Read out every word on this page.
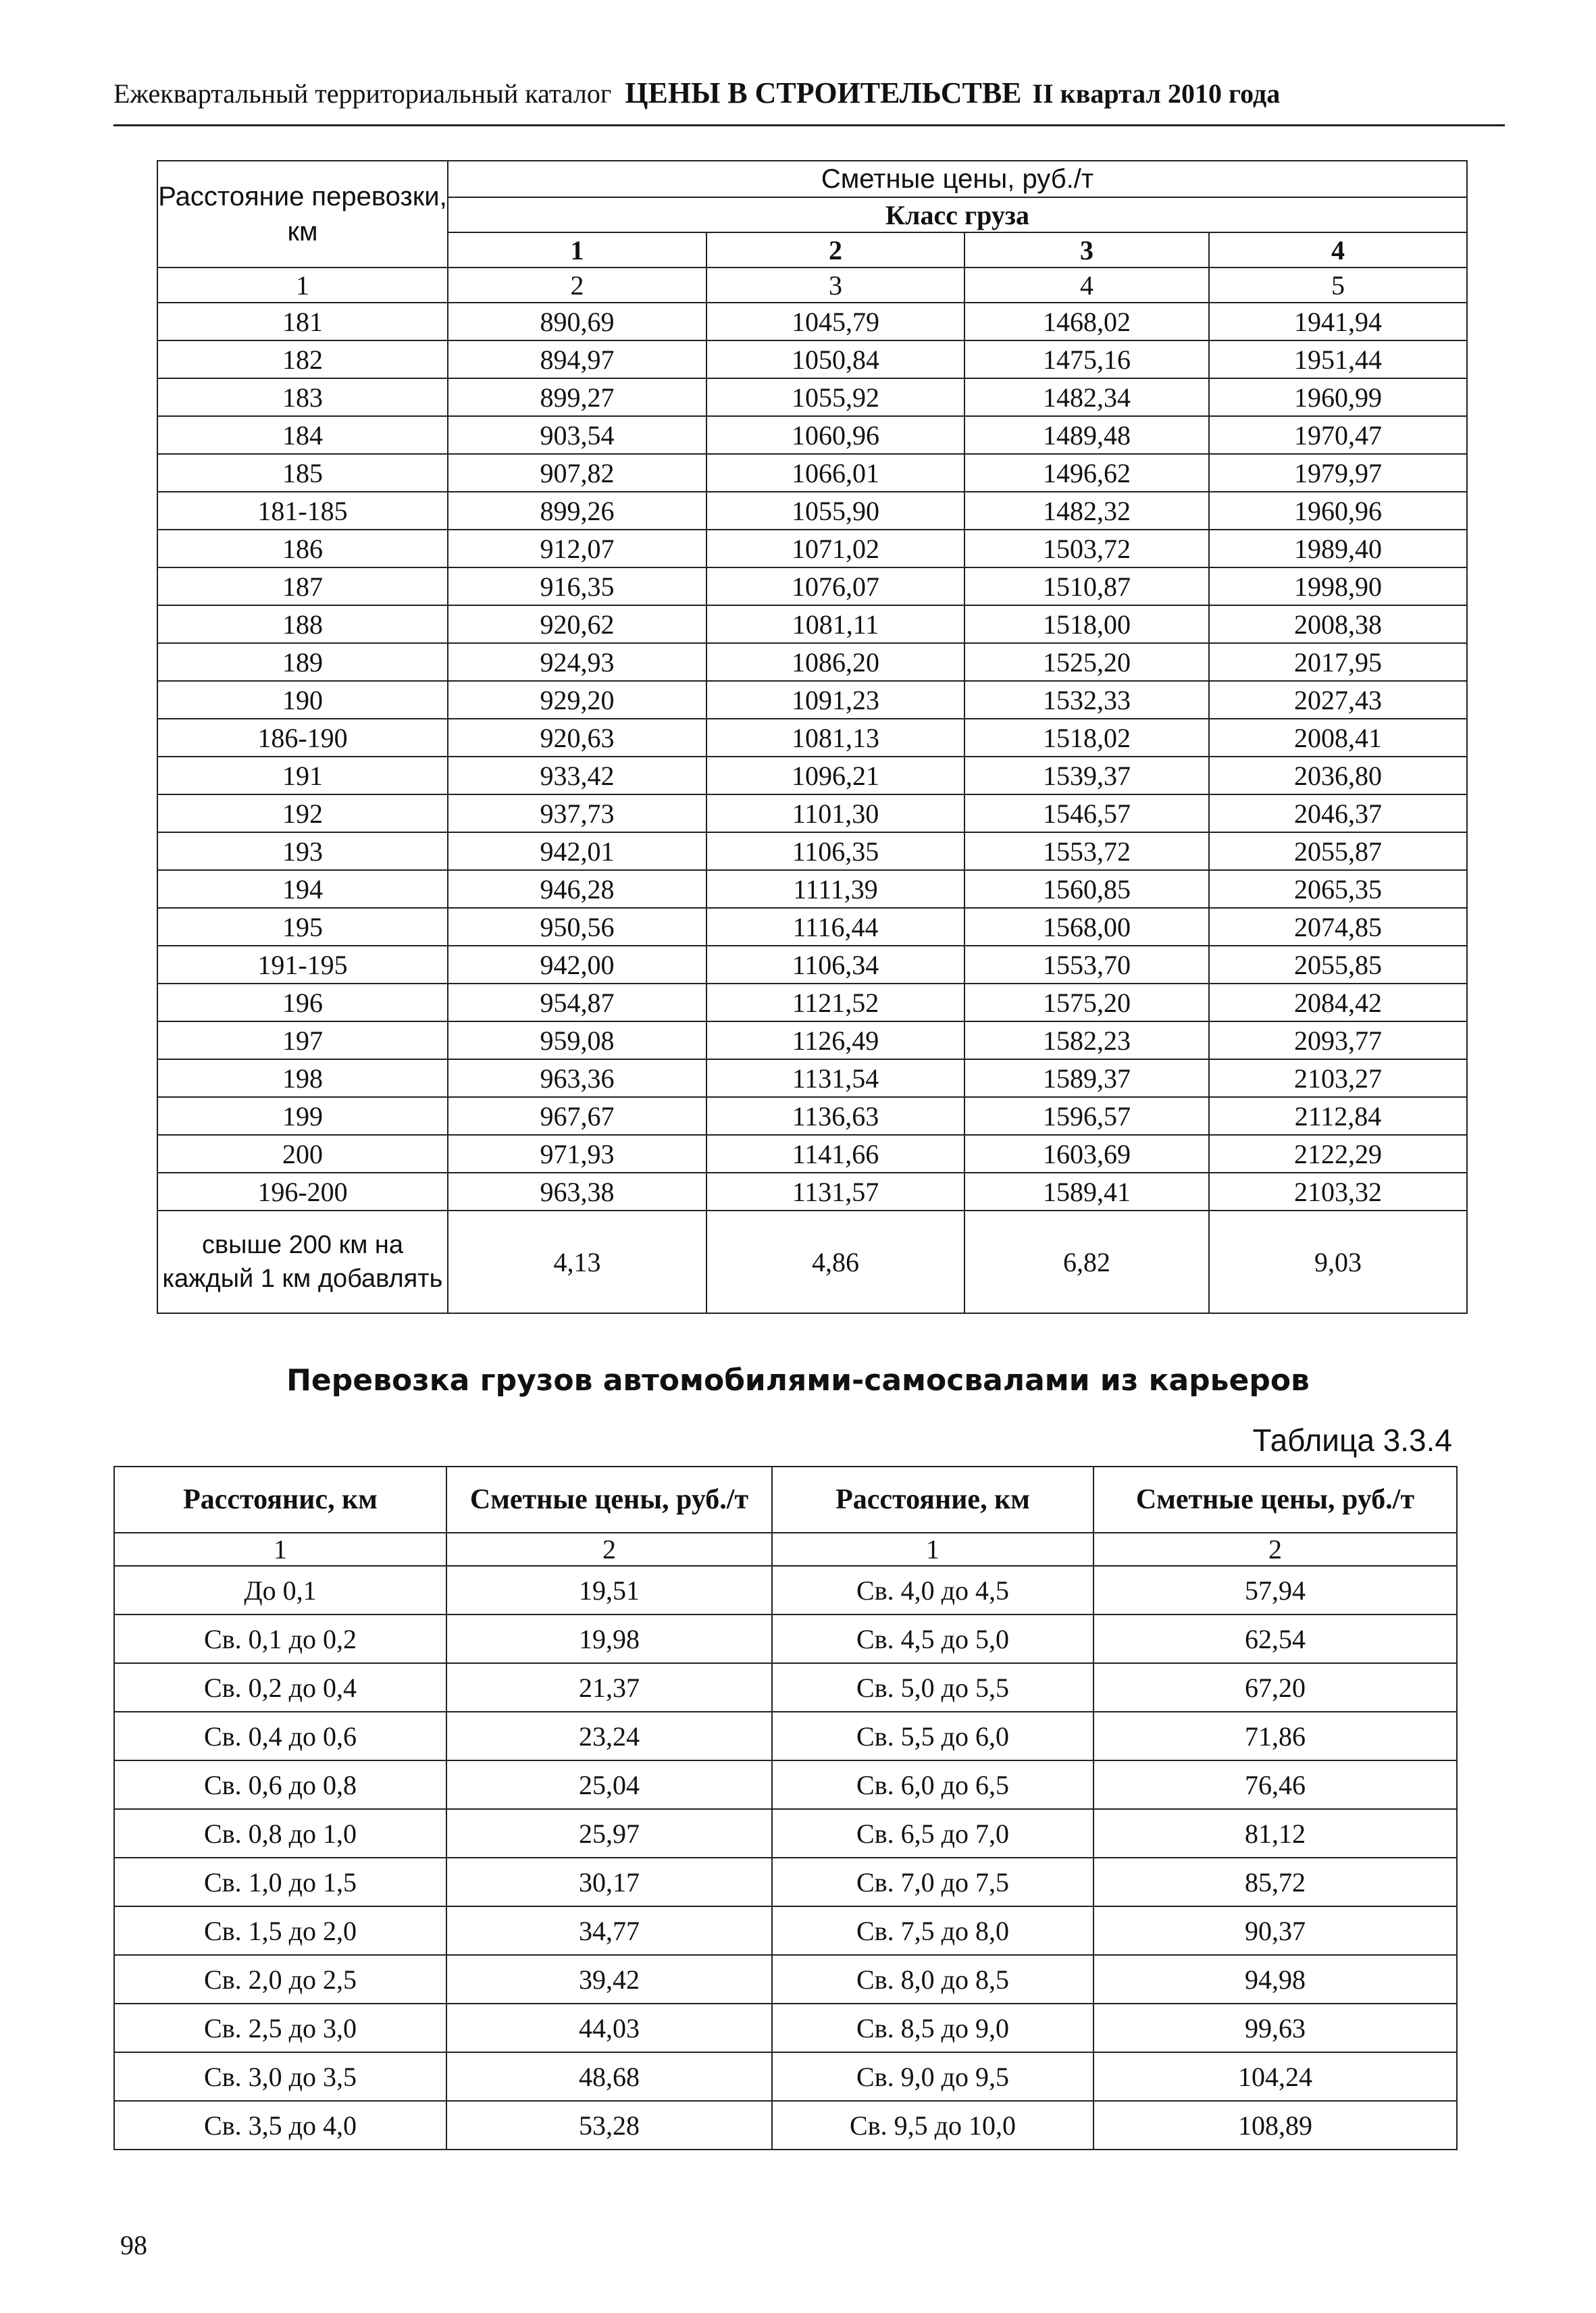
Ежеквартальный территориальный каталог ЦЕНЫ В СТРОИТЕЛЬСТВЕ II квартал 2010 года
Расстояние перевозки, км	Сметные цены, руб./т			
	Класс груза			
	1	2	3	4
1	2	3	4	5
181	890,69	1045,79	1468,02	1941,94
182	894,97	1050,84	1475,16	1951,44
183	899,27	1055,92	1482,34	1960,99
184	903,54	1060,96	1489,48	1970,47
185	907,82	1066,01	1496,62	1979,97
181-185	899,26	1055,90	1482,32	1960,96
186	912,07	1071,02	1503,72	1989,40
187	916,35	1076,07	1510,87	1998,90
188	920,62	1081,11	1518,00	2008,38
189	924,93	1086,20	1525,20	2017,95
190	929,20	1091,23	1532,33	2027,43
186-190	920,63	1081,13	1518,02	2008,41
191	933,42	1096,21	1539,37	2036,80
192	937,73	1101,30	1546,57	2046,37
193	942,01	1106,35	1553,72	2055,87
194	946,28	1111,39	1560,85	2065,35
195	950,56	1116,44	1568,00	2074,85
191-195	942,00	1106,34	1553,70	2055,85
196	954,87	1121,52	1575,20	2084,42
197	959,08	1126,49	1582,23	2093,77
198	963,36	1131,54	1589,37	2103,27
199	967,67	1136,63	1596,57	2112,84
200	971,93	1141,66	1603,69	2122,29
196-200	963,38	1131,57	1589,41	2103,32
свыше 200 км на каждый 1 км добавлять	4,13	4,86	6,82	9,03
Перевозка грузов автомобилями-самосвалами из карьеров
Таблица 3.3.4
Расстоянис, км	Сметные цены, руб./т	Расстояние, км	Сметные цены, руб./т
1	2	1	2
До 0,1	19,51	Св. 4,0 до 4,5	57,94
Св. 0,1 до 0,2	19,98	Св. 4,5 до 5,0	62,54
Св. 0,2 до 0,4	21,37	Св. 5,0 до 5,5	67,20
Св. 0,4 до 0,6	23,24	Св. 5,5 до 6,0	71,86
Св. 0,6 до 0,8	25,04	Св. 6,0 до 6,5	76,46
Св. 0,8 до 1,0	25,97	Св. 6,5 до 7,0	81,12
Св. 1,0 до 1,5	30,17	Св. 7,0 до 7,5	85,72
Св. 1,5 до 2,0	34,77	Св. 7,5 до 8,0	90,37
Св. 2,0 до 2,5	39,42	Св. 8,0 до 8,5	94,98
Св. 2,5 до 3,0	44,03	Св. 8,5 до 9,0	99,63
Св. 3,0 до 3,5	48,68	Св. 9,0 до 9,5	104,24
Св. 3,5 до 4,0	53,28	Св. 9,5 до 10,0	108,89
98
